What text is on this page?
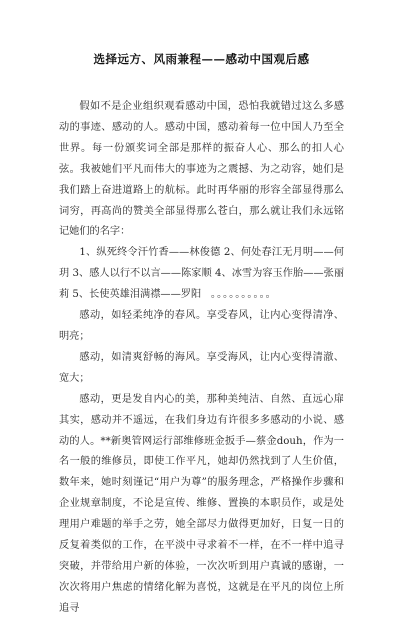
选择远方、风雨兼程——感动中国观后感

假如不是企业组织观看感动中国，恐怕我就错过这么多感动的事迹、感动的人。感动中国，感动着每一位中国人乃至全世界。每一份颁奖词全部是那样的振奋人心、那么的扣人心弦。我被她们平凡而伟大的事迹为之震撼、为之动容，她们是我们踏上奋进道路上的航标。此时再华丽的形容全部显得那么词穷，再高尚的赞美全部显得那么苍白，那么就让我们永远铭记她们的名字：

1、纵死终令汗竹香——林俊德 2、何处春江无月明——何玥 3、感人以行不以言——陈家顺 4、冰雪为容玉作胎——张丽莉 5、长使英雄泪满襟——罗阳 。。。。。。。。。。

感动，如轻柔纯净的春风。享受春风，让内心变得清净、明亮；

感动，如清爽舒畅的海风。享受海风，让内心变得清澈、宽大；

感动，更是发自内心的美，那种美纯洁、自然、直远心扉其实，感动并不遥远，在我们身边有许很多多感动的小说、感动的人。**新奥管网运行部维修班金扳手—蔡金douh，作为一名一般的维修员，即使工作平凡，她却仍然找到了人生价值，数年来，她时刻谨记“用户为尊”的服务理念，严格操作步骤和企业规章制度，不论是宣传、维修、置换的本职员作，或是处理用户难题的举手之劳，她全部尽力做得更加好，日复一日的反复着类似的工作，在平淡中寻求着不一样，在不一样中追寻突破，并带给用户新的体验，一次次听到用户真诚的感谢，一次次将用户焦虑的情绪化解为喜悦，这就是在平凡的岗位上所追寻
